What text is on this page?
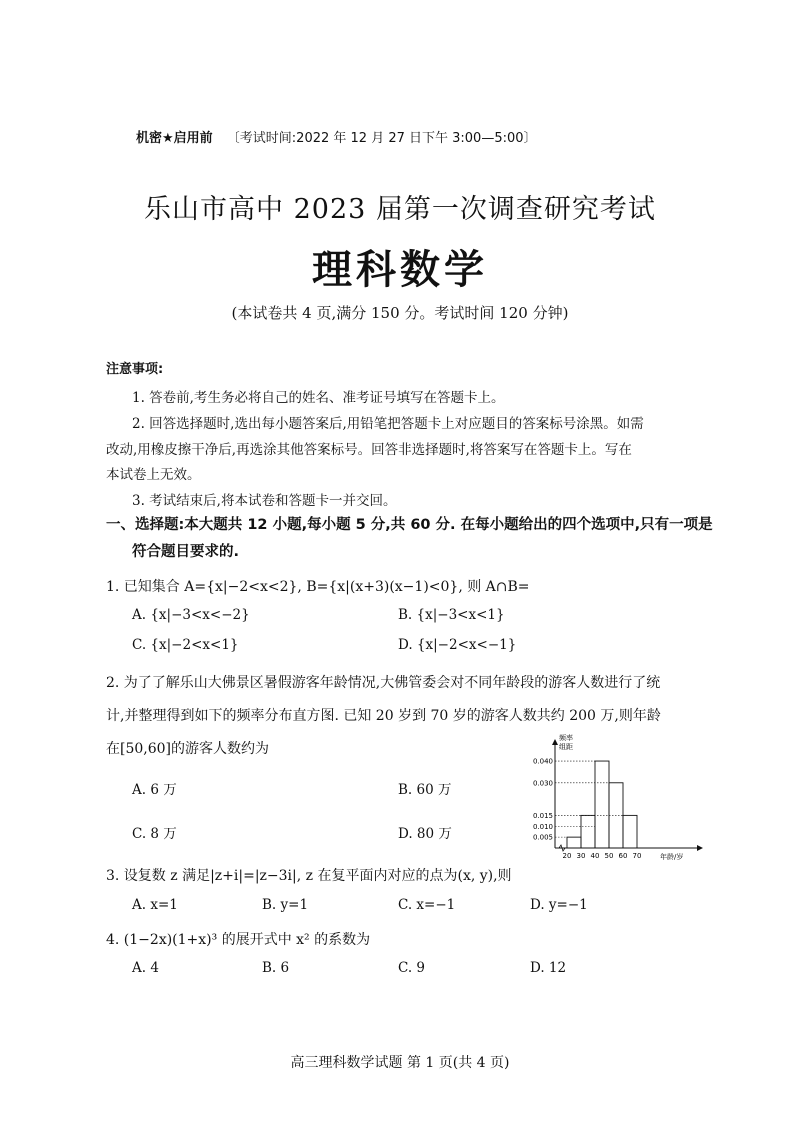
机密★启用前 〔考试时间:2022 年 12 月 27 日下午 3:00—5:00〕
乐山市高中 2023 届第一次调查研究考试
理科数学
(本试卷共 4 页,满分 150 分。考试时间 120 分钟)
注意事项:
1. 答卷前,考生务必将自己的姓名、准考证号填写在答题卡上。
2. 回答选择题时,选出每小题答案后,用铅笔把答题卡上对应题目的答案标号涂黑。如需
改动,用橡皮擦干净后,再选涂其他答案标号。回答非选择题时,将答案写在答题卡上。写在
本试卷上无效。
3. 考试结束后,将本试卷和答题卡一并交回。
一、选择题:本大题共 12 小题,每小题 5 分,共 60 分. 在每小题给出的四个选项中,只有一项是
符合题目要求的.
1. 已知集合 A={x|−2<x<2}, B={x|(x+3)(x−1)<0}, 则 A∩B=
A. {x|−3<x<−2}	B. {x|−3<x<1}
C. {x|−2<x<1}	D. {x|−2<x<−1}
2. 为了了解乐山大佛景区暑假游客年龄情况,大佛管委会对不同年龄段的游客人数进行了统
计,并整理得到如下的频率分布直方图. 已知 20 岁到 70 岁的游客人数共约 200 万,则年龄
在[50,60]的游客人数约为
A. 6 万	B. 60 万
C. 8 万	D. 80 万
频率
组距
年龄/岁
0.005
0.010
0.015
0.030
0.040
20 30 40 50 60 70
3. 设复数 z 满足|z+i|=|z−3i|, z 在复平面内对应的点为(x, y),则
A. x=1	B. y=1	C. x=−1	D. y=−1
4. (1−2x)(1+x)³ 的展开式中 x² 的系数为
A. 4	B. 6	C. 9	D. 12
高三理科数学试题 第 1 页(共 4 页)
